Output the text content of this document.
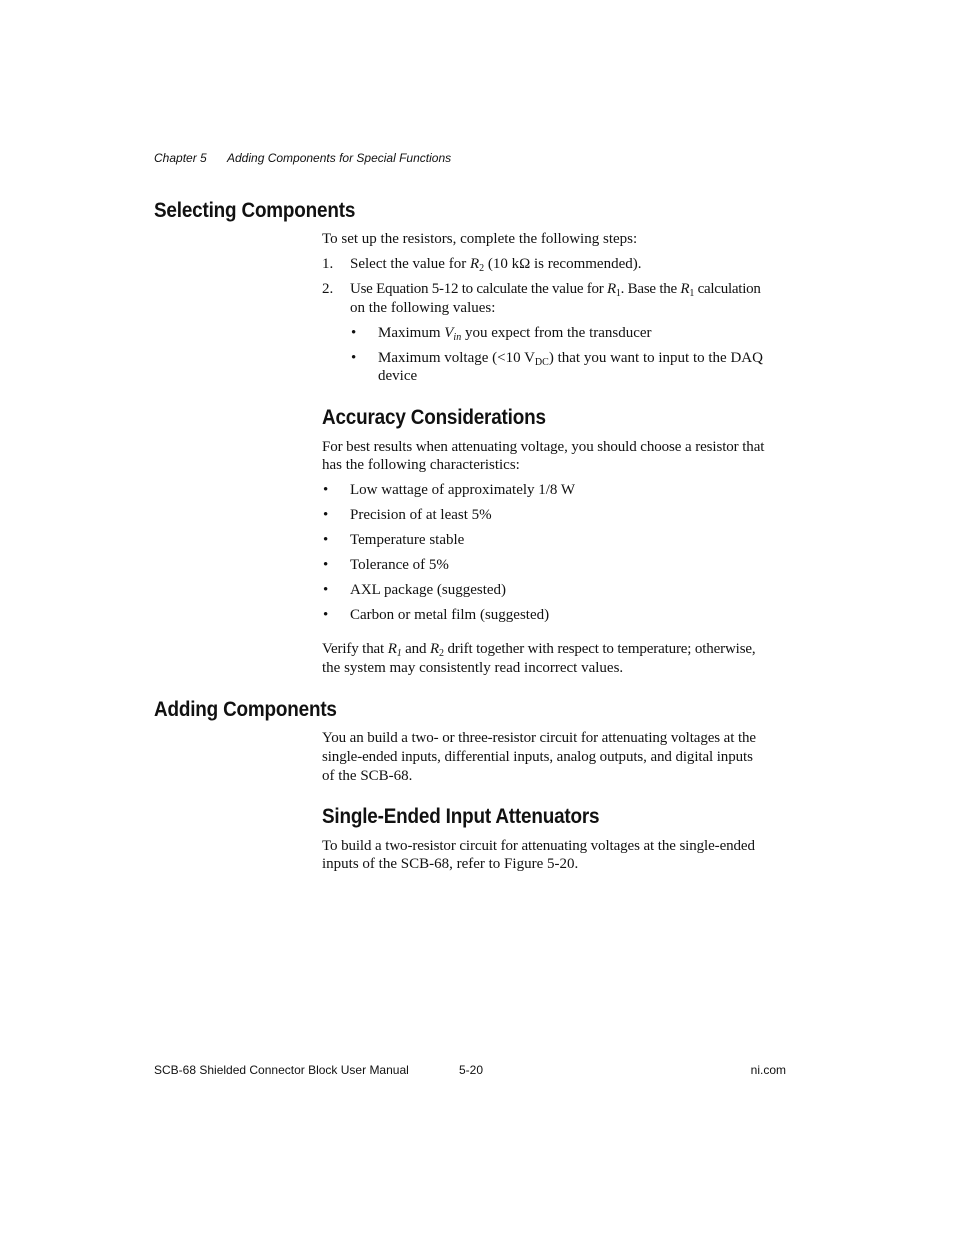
Chapter 5 Adding Components for Special Functions
Selecting Components
To set up the resistors, complete the following steps:
1. Select the value for $R_2$ (10 kΩ is recommended).
2. Use Equation 5-12 to calculate the value for $R_1$. Base the $R_1$ calculation
on the following values:
• Maximum $V_{in}$ you expect from the transducer
• Maximum voltage (<10 $V_{DC}$) that you want to input to the DAQ
device
Accuracy Considerations
For best results when attenuating voltage, you should choose a resistor that
has the following characteristics:
• Low wattage of approximately 1/8 W
• Precision of at least 5%
• Temperature stable
• Tolerance of 5%
• AXL package (suggested)
• Carbon or metal film (suggested)
Verify that $R_1$ and $R_2$ drift together with respect to temperature; otherwise,
the system may consistently read incorrect values.
Adding Components
You an build a two- or three-resistor circuit for attenuating voltages at the
single-ended inputs, differential inputs, analog outputs, and digital inputs
of the SCB-68.
Single-Ended Input Attenuators
To build a two-resistor circuit for attenuating voltages at the single-ended
inputs of the SCB-68, refer to Figure 5-20.
SCB-68 Shielded Connector Block User Manual	5-20	ni.com
